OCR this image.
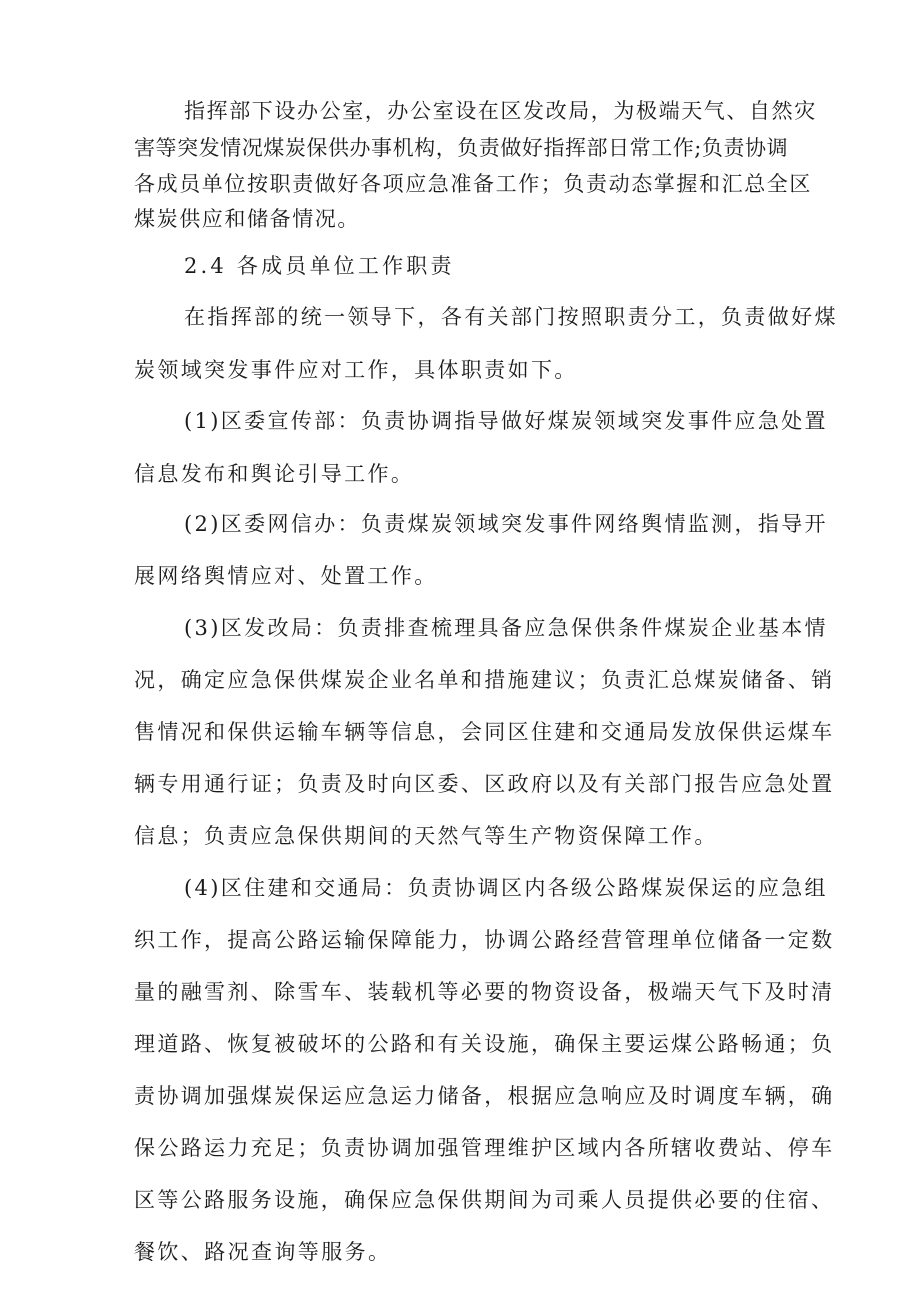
指挥部下设办公室，办公室设在区发改局，为极端天气、自然灾
害等突发情况煤炭保供办事机构，负责做好指挥部日常工作;负责协调
各成员单位按职责做好各项应急准备工作；负责动态掌握和汇总全区
煤炭供应和储备情况。
2.4 各成员单位工作职责
在指挥部的统一领导下，各有关部门按照职责分工，负责做好煤
炭领域突发事件应对工作，具体职责如下。
(1)区委宣传部：负责协调指导做好煤炭领域突发事件应急处置
信息发布和舆论引导工作。
(2)区委网信办：负责煤炭领域突发事件网络舆情监测，指导开
展网络舆情应对、处置工作。
(3)区发改局：负责排查梳理具备应急保供条件煤炭企业基本情
况，确定应急保供煤炭企业名单和措施建议；负责汇总煤炭储备、销
售情况和保供运输车辆等信息，会同区住建和交通局发放保供运煤车
辆专用通行证；负责及时向区委、区政府以及有关部门报告应急处置
信息；负责应急保供期间的天然气等生产物资保障工作。
(4)区住建和交通局：负责协调区内各级公路煤炭保运的应急组
织工作，提高公路运输保障能力，协调公路经营管理单位储备一定数
量的融雪剂、除雪车、装载机等必要的物资设备，极端天气下及时清
理道路、恢复被破坏的公路和有关设施，确保主要运煤公路畅通；负
责协调加强煤炭保运应急运力储备，根据应急响应及时调度车辆，确
保公路运力充足；负责协调加强管理维护区域内各所辖收费站、停车
区等公路服务设施，确保应急保供期间为司乘人员提供必要的住宿、
餐饮、路况查询等服务。
